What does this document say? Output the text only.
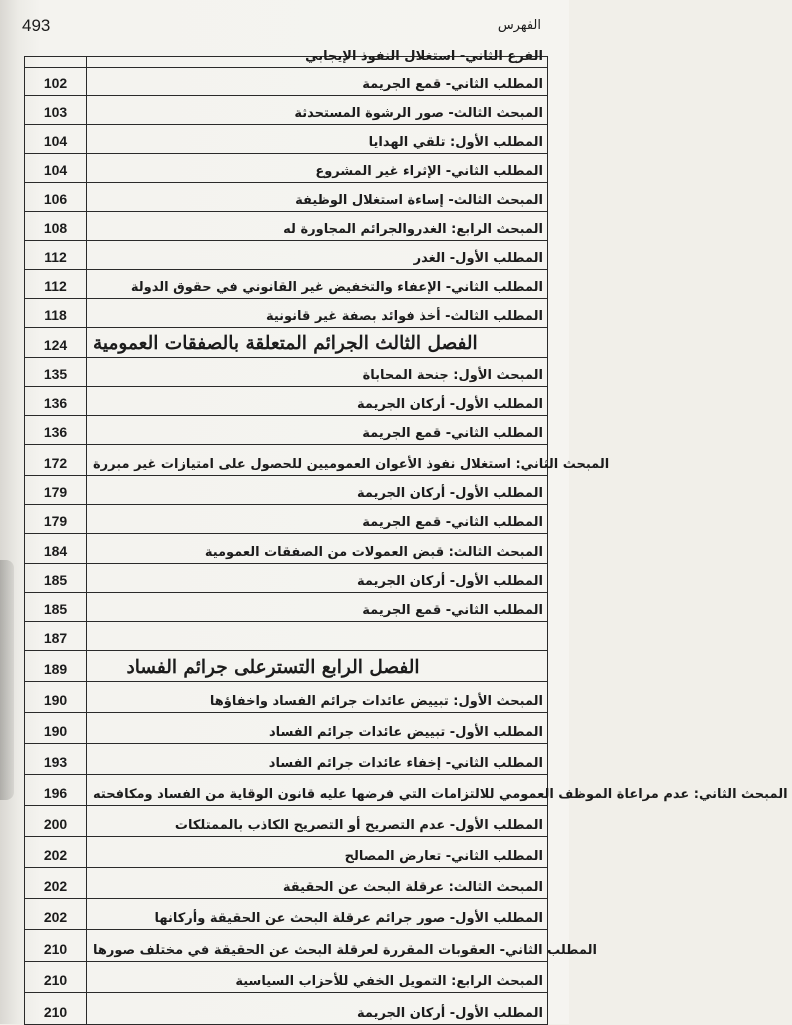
493	الفهرس
الفرع الثاني- استغلال النفوذ الإيجابي
102	المطلب الثاني- قمع الجريمة
103	المبحث الثالث- صور الرشوة المستحدثة
104	المطلب الأول: تلقي الهدايا
104	المطلب الثاني- الإثراء غير المشروع
106	المبحث الثالث- إساءة استغلال الوظيفة
108	المبحث الرابع: الغدروالجرائم المجاورة له
112	المطلب الأول- الغدر
112	المطلب الثاني- الإعفاء والتخفيض غير القانوني في حقوق الدولة
118	المطلب الثالث- أخذ فوائد بصفة غير قانونية
124	الفصل الثالث الجرائم المتعلقة بالصفقات العمومية
135	المبحث الأول: جنحة المحاباة
136	المطلب الأول- أركان الجريمة
136	المطلب الثاني- قمع الجريمة
172	المبحث الثاني: استغلال نفوذ الأعوان العموميين للحصول على امتيازات غير مبررة
179	المطلب الأول- أركان الجريمة
179	المطلب الثاني- قمع الجريمة
184	المبحث الثالث: قبض العمولات من الصفقات العمومية
185	المطلب الأول- أركان الجريمة
185	المطلب الثاني- قمع الجريمة
187
189	الفصل الرابع التسترعلى جرائم الفساد
190	المبحث الأول: تبييض عائدات جرائم الفساد واخفاؤها
190	المطلب الأول- تبييض عائدات جرائم الفساد
193	المطلب الثاني- إخفاء عائدات جرائم الفساد
196	المبحث الثاني: عدم مراعاة الموظف العمومي للالتزامات التي فرضها عليه قانون الوقاية من الفساد ومكافحته
200	المطلب الأول- عدم التصريح أو التصريح الكاذب بالممتلكات
202	المطلب الثاني- تعارض المصالح
202	المبحث الثالث: عرقلة البحث عن الحقيقة
202	المطلب الأول- صور جرائم عرقلة البحث عن الحقيقة وأركانها
210	المطلب الثاني- العقوبات المقررة لعرقلة البحث عن الحقيقة في مختلف صورها
210	المبحث الرابع: التمويل الخفي للأحزاب السياسية
210	المطلب الأول- أركان الجريمة
